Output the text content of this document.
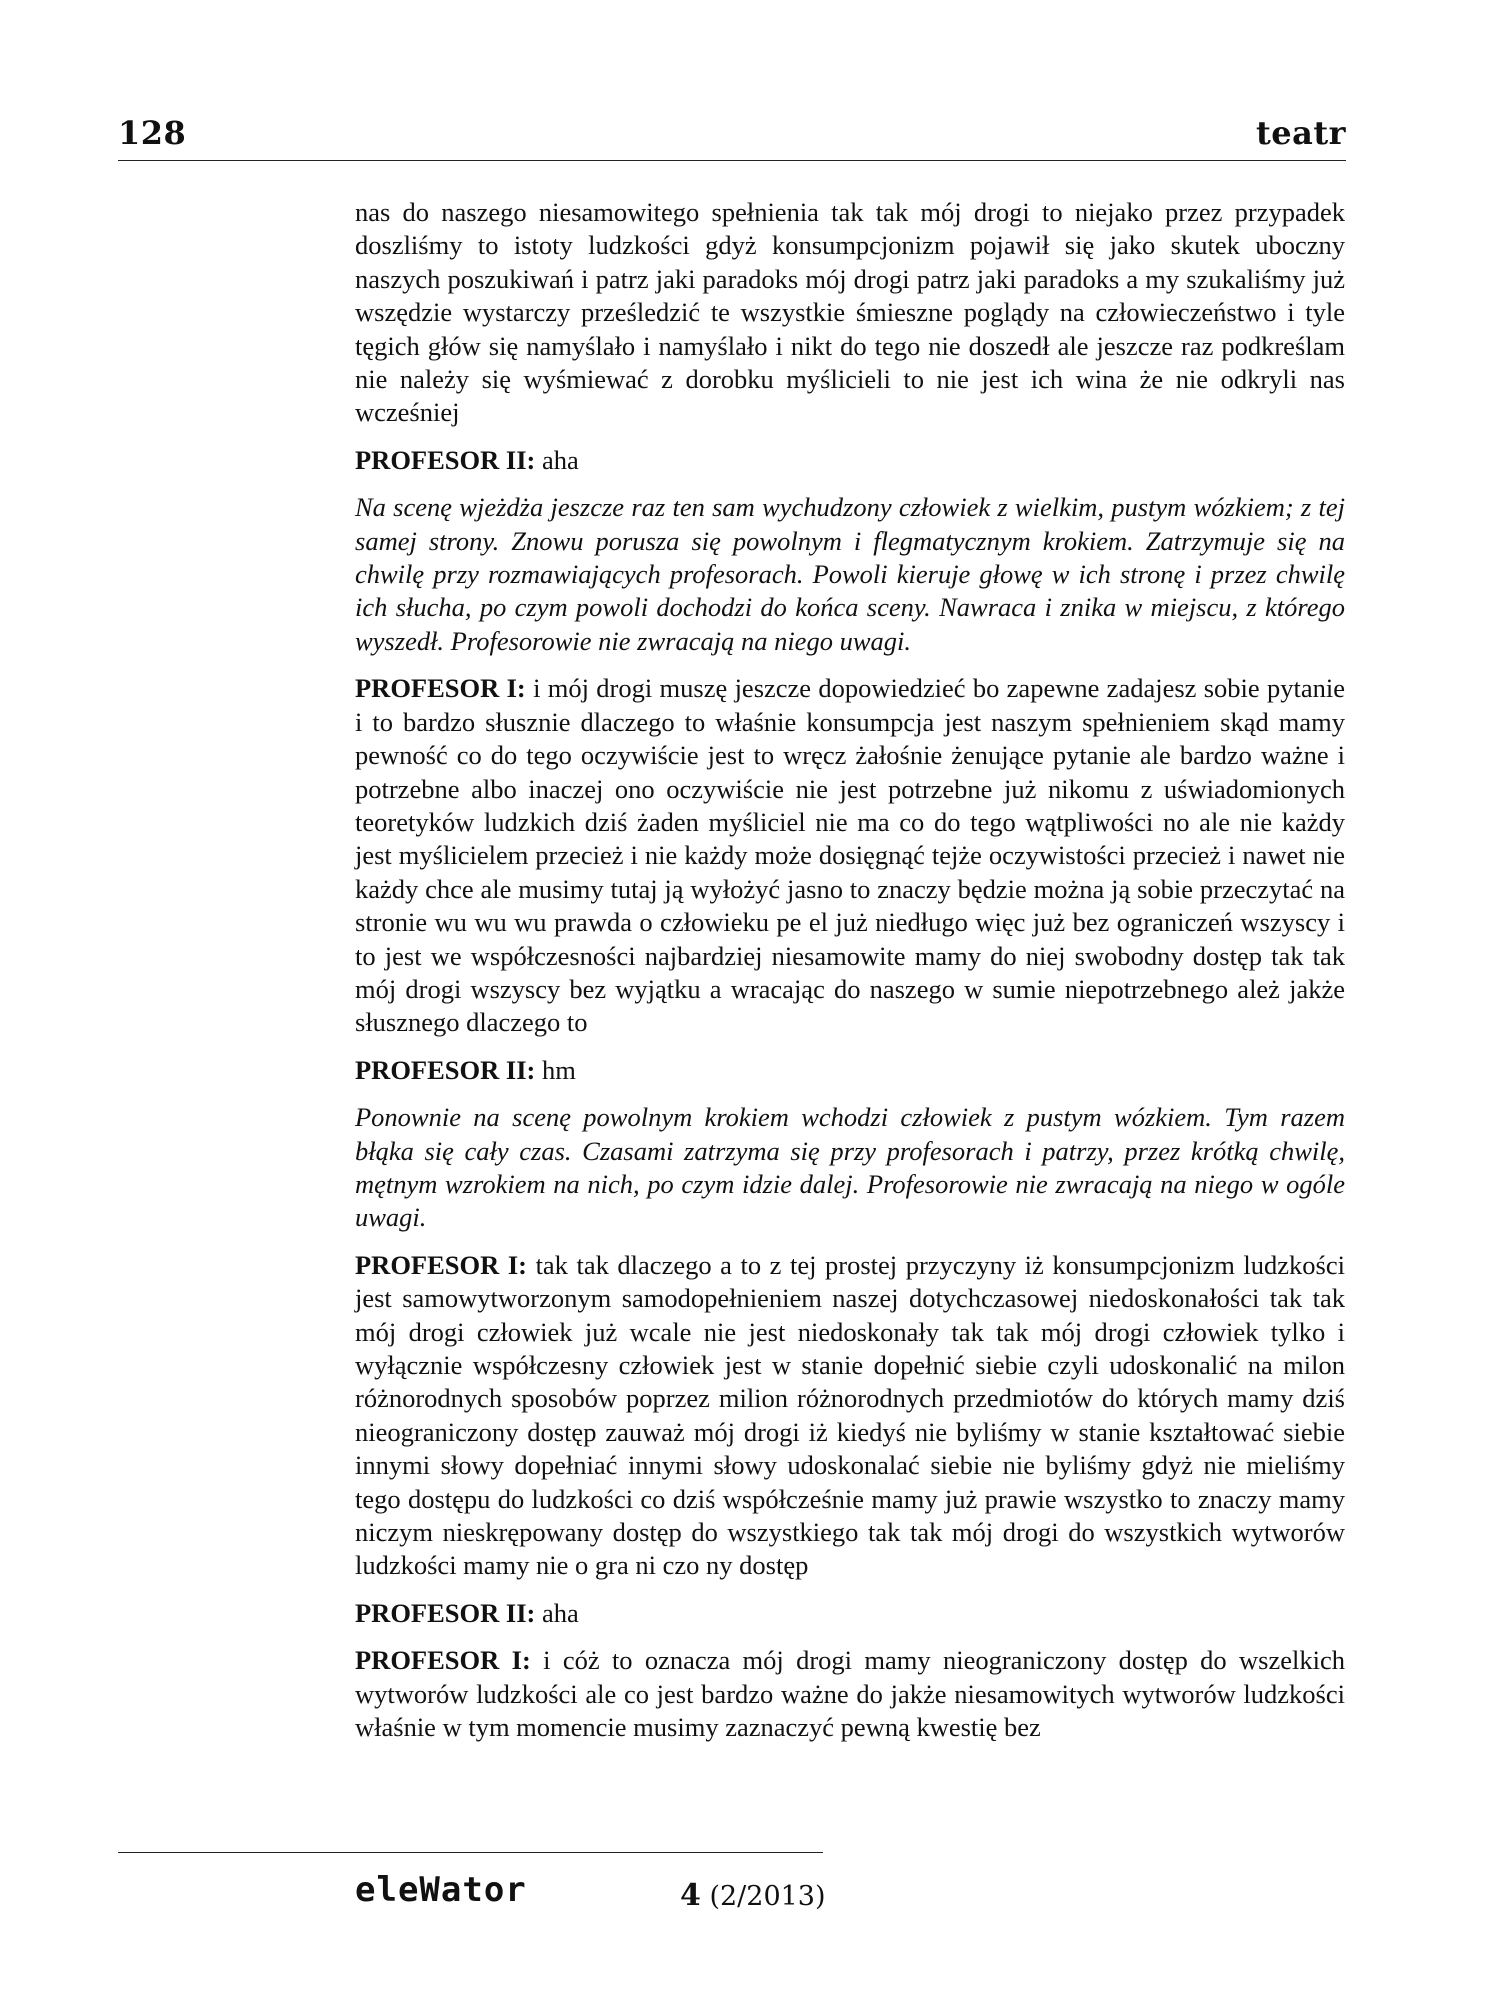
128	teatr

nas do naszego niesamowitego spełnienia tak tak mój drogi to niejako przez przypadek doszliśmy to istoty ludzkości gdyż konsumpcjonizm pojawił się jako skutek uboczny naszych poszukiwań i patrz jaki paradoks mój drogi patrz jaki paradoks a my szukaliśmy już wszędzie wystarczy prześledzić te wszystkie śmieszne poglądy na człowieczeństwo i tyle tęgich głów się namyślało i namyślało i nikt do tego nie doszedł ale jeszcze raz podkreślam nie należy się wyśmiewać z dorobku myślicieli to nie jest ich wina że nie odkryli nas wcześniej

PROFESOR II: aha

Na scenę wjeżdża jeszcze raz ten sam wychudzony człowiek z wielkim, pustym wózkiem; z tej samej strony. Znowu porusza się powolnym i flegmatycznym krokiem. Zatrzymuje się na chwilę przy rozmawiających profesorach. Powoli kieruje głowę w ich stronę i przez chwilę ich słucha, po czym powoli dochodzi do końca sceny. Nawraca i znika w miejscu, z którego wyszedł. Profesorowie nie zwracają na niego uwagi.

PROFESOR I: i mój drogi muszę jeszcze dopowiedzieć bo zapewne zadajesz sobie pytanie i to bardzo słusznie dlaczego to właśnie konsumpcja jest naszym spełnieniem skąd mamy pewność co do tego oczywiście jest to wręcz żałośnie żenujące pytanie ale bardzo ważne i potrzebne albo inaczej ono oczywiście nie jest potrzebne już nikomu z uświadomionych teoretyków ludzkich dziś żaden myśliciel nie ma co do tego wątpliwości no ale nie każdy jest myślicielem przecież i nie każdy może dosięgnąć tejże oczywistości przecież i nawet nie każdy chce ale musimy tutaj ją wyłożyć jasno to znaczy będzie można ją sobie przeczytać na stronie wu wu wu prawda o człowieku pe el już niedługo więc już bez ograniczeń wszyscy i to jest we współczesności najbardziej niesamowite mamy do niej swobodny dostęp tak tak mój drogi wszyscy bez wyjątku a wracając do naszego w sumie niepotrzebnego ależ jakże słusznego dlaczego to

PROFESOR II: hm

Ponownie na scenę powolnym krokiem wchodzi człowiek z pustym wózkiem. Tym razem błąka się cały czas. Czasami zatrzyma się przy profesorach i patrzy, przez krótką chwilę, mętnym wzrokiem na nich, po czym idzie dalej. Profesorowie nie zwracają na niego w ogóle uwagi.

PROFESOR I: tak tak dlaczego a to z tej prostej przyczyny iż konsumpcjonizm ludzkości jest samowytworzonym samodopełnieniem naszej dotychczasowej niedoskonałości tak tak mój drogi człowiek już wcale nie jest niedoskonały tak tak mój drogi człowiek tylko i wyłącznie współczesny człowiek jest w stanie dopełnić siebie czyli udoskonalić na milon różnorodnych sposobów poprzez milion różnorodnych przedmiotów do których mamy dziś nieograniczony dostęp zauważ mój drogi iż kiedyś nie byliśmy w stanie kształtować siebie innymi słowy dopełniać innymi słowy udoskonalać siebie nie byliśmy gdyż nie mieliśmy tego dostępu do ludzkości co dziś współcześnie mamy już prawie wszystko to znaczy mamy niczym nieskrępowany dostęp do wszystkiego tak tak mój drogi do wszystkich wytworów ludzkości mamy nie o gra ni czo ny dostęp

PROFESOR II: aha

PROFESOR I: i cóż to oznacza mój drogi mamy nieograniczony dostęp do wszelkich wytworów ludzkości ale co jest bardzo ważne do jakże niesamowitych wytworów ludzkości właśnie w tym momencie musimy zaznaczyć pewną kwestię bez

eleWator	4 (2/2013)
